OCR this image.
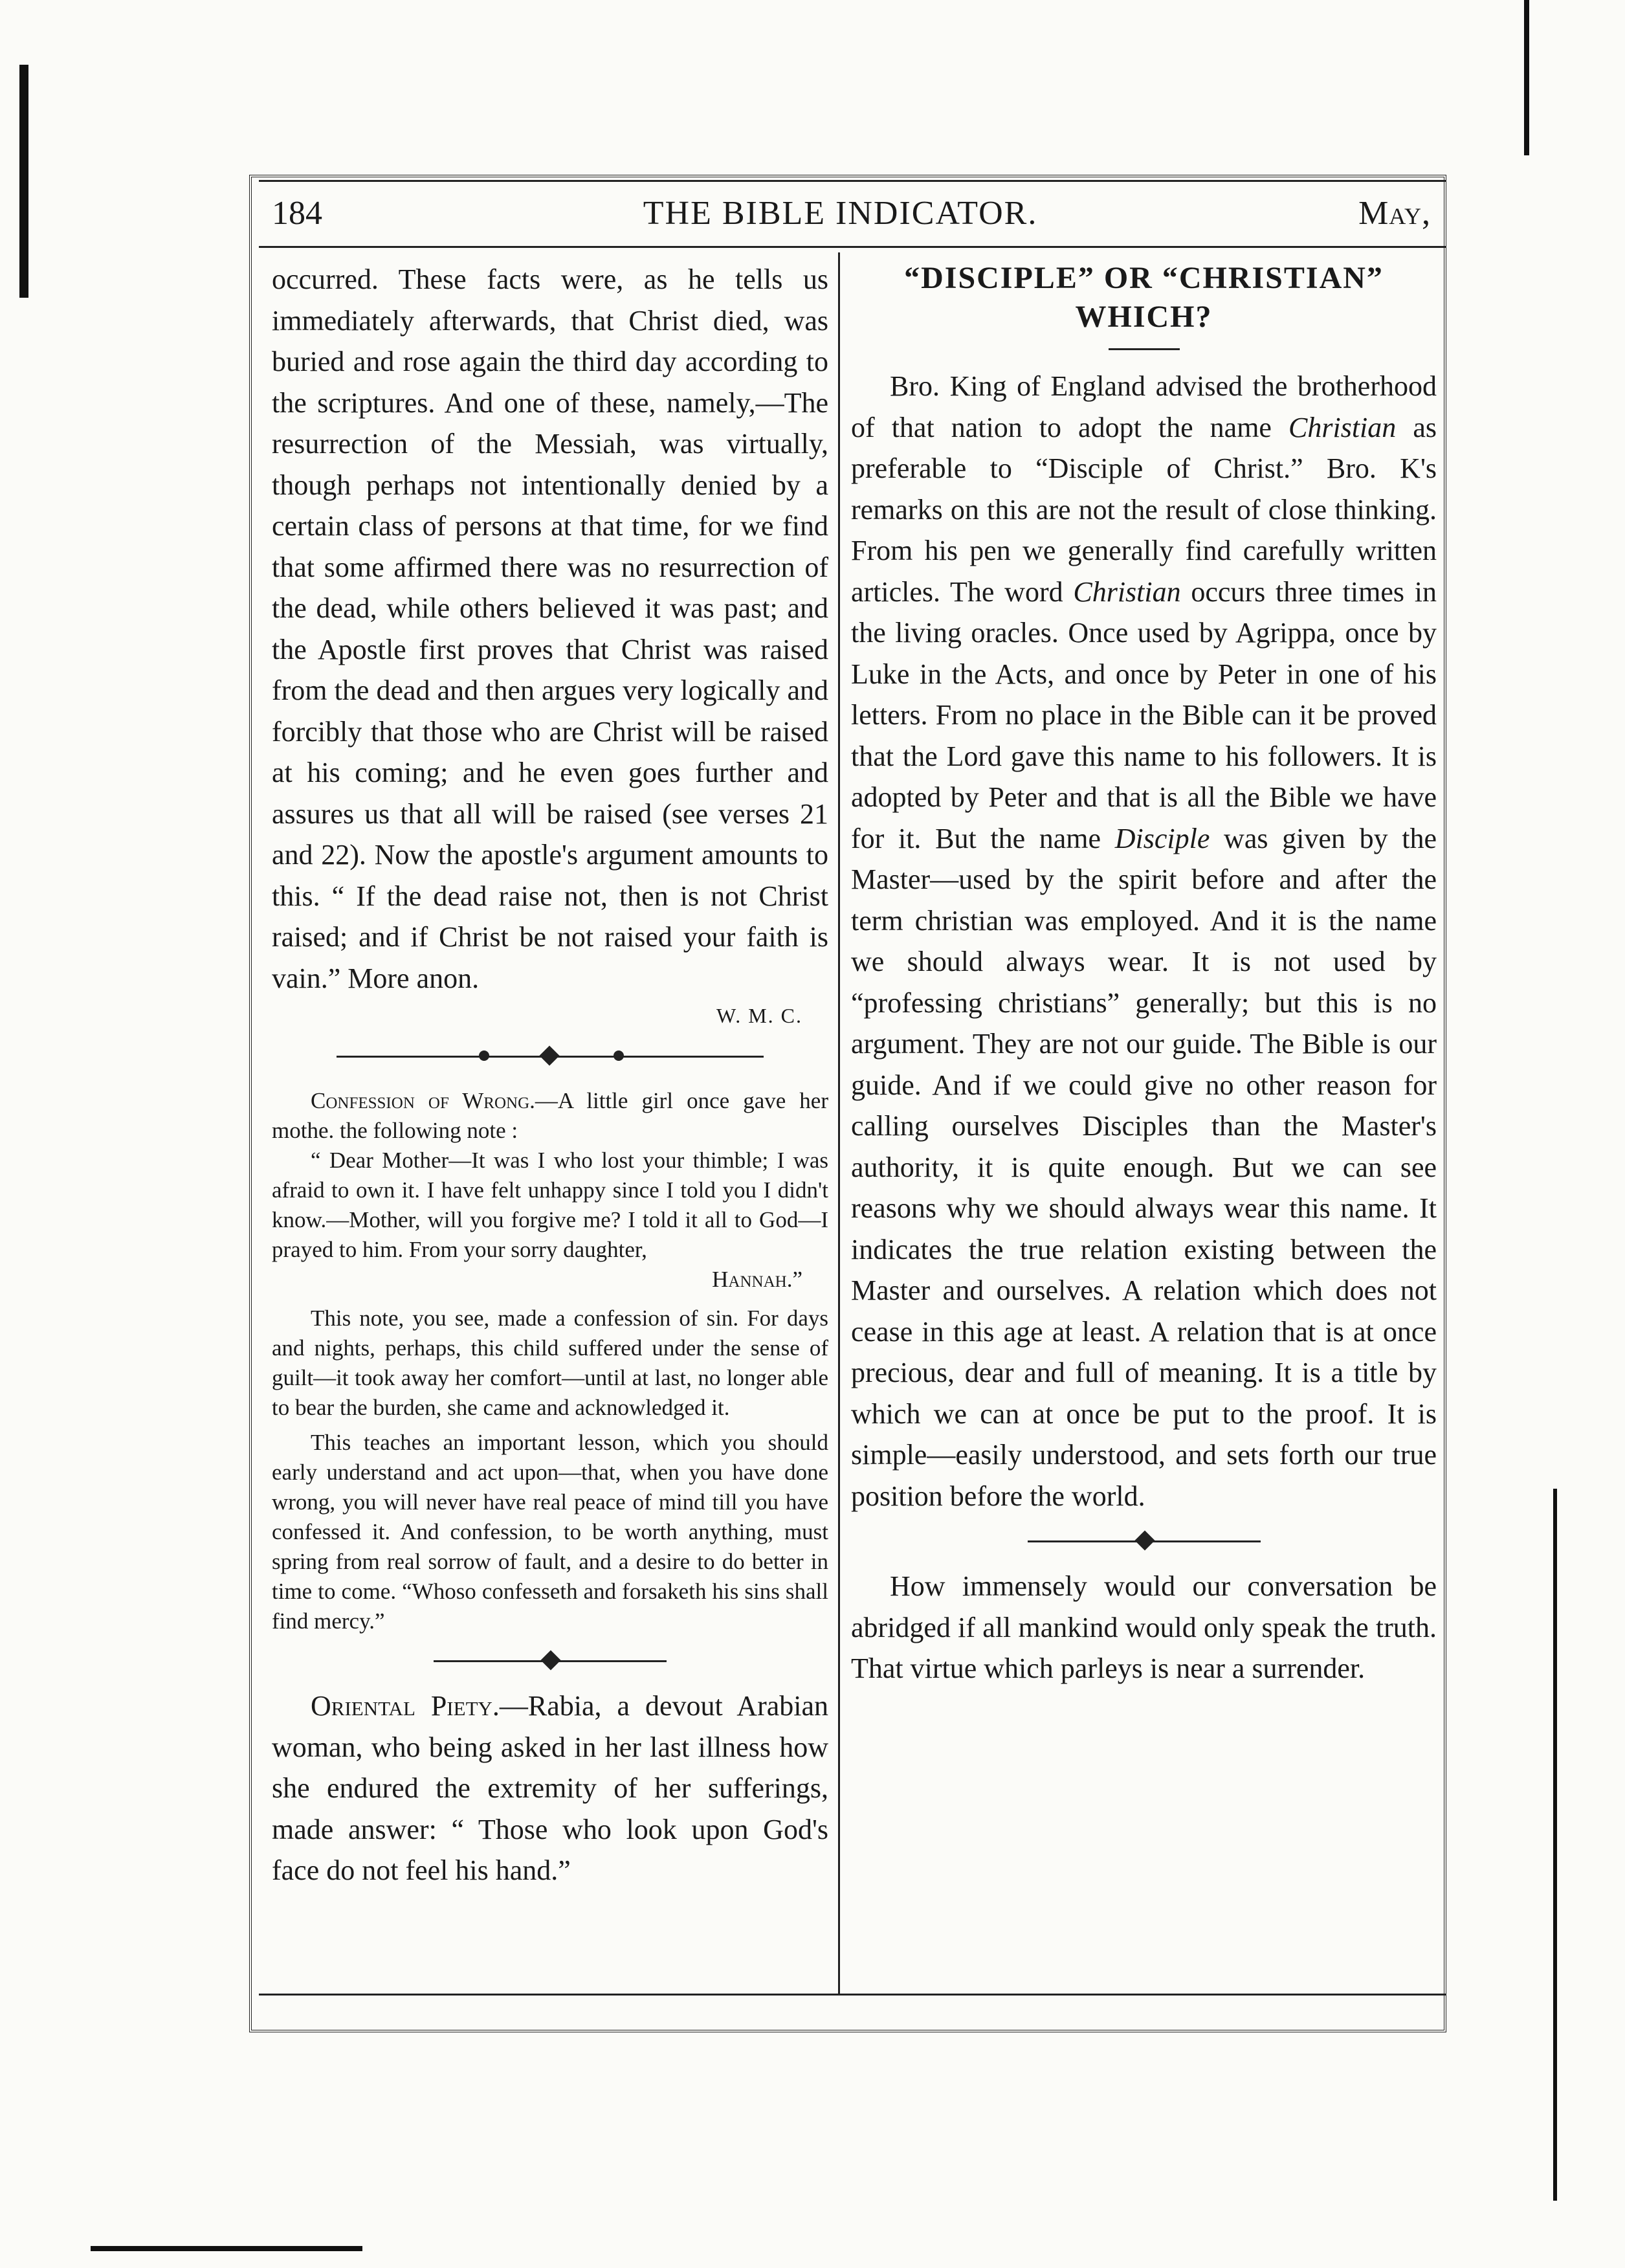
184	THE BIBLE INDICATOR.	May,

occurred. These facts were, as he tells us immediately afterwards, that Christ died, was buried and rose again the third day according to the scriptures. And one of these, namely,—The resurrection of the Messiah, was virtually, though perhaps not intentionally denied by a certain class of persons at that time, for we find that some affirmed there was no resurrection of the dead, while others believed it was past; and the Apostle first proves that Christ was raised from the dead and then argues very logically and forcibly that those who are Christ will be raised at his coming; and he even goes further and assures us that all will be raised (see verses 21 and 22). Now the apostle's argument amounts to this. “ If the dead raise not, then is not Christ raised; and if Christ be not raised your faith is vain.” More anon.

W. M. C.

Confession of Wrong.—A little girl once gave her mothe. the following note :

“ Dear Mother—It was I who lost your thimble; I was afraid to own it. I have felt unhappy since I told you I didn't know.—Mother, will you forgive me? I told it all to God—I prayed to him. From your sorry daughter,

Hannah.”

This note, you see, made a confession of sin. For days and nights, perhaps, this child suffered under the sense of guilt—it took away her comfort—until at last, no longer able to bear the burden, she came and acknowledged it.

This teaches an important lesson, which you should early understand and act upon—that, when you have done wrong, you will never have real peace of mind till you have confessed it. And confession, to be worth anything, must spring from real sorrow of fault, and a desire to do better in time to come. “Whoso confesseth and forsaketh his sins shall find mercy.”

Oriental Piety.—Rabia, a devout Arabian woman, who being asked in her last illness how she endured the extremity of her sufferings, made answer: “ Those who look upon God's face do not feel his hand.”

“DISCIPLE” OR “CHRISTIAN” WHICH?

Bro. King of England advised the brotherhood of that nation to adopt the name Christian as preferable to “Disciple of Christ.” Bro. K's remarks on this are not the result of close thinking. From his pen we generally find carefully written articles. The word Christian occurs three times in the living oracles. Once used by Agrippa, once by Luke in the Acts, and once by Peter in one of his letters. From no place in the Bible can it be proved that the Lord gave this name to his followers. It is adopted by Peter and that is all the Bible we have for it. But the name Disciple was given by the Master—used by the spirit before and after the term christian was employed. And it is the name we should always wear. It is not used by “professing christians” generally; but this is no argument. They are not our guide. The Bible is our guide. And if we could give no other reason for calling ourselves Disciples than the Master's authority, it is quite enough. But we can see reasons why we should always wear this name. It indicates the true relation existing between the Master and ourselves. A relation which does not cease in this age at least. A relation that is at once precious, dear and full of meaning. It is a title by which we can at once be put to the proof. It is simple—easily understood, and sets forth our true position before the world.

How immensely would our conversation be abridged if all mankind would only speak the truth. That virtue which parleys is near a surrender.
